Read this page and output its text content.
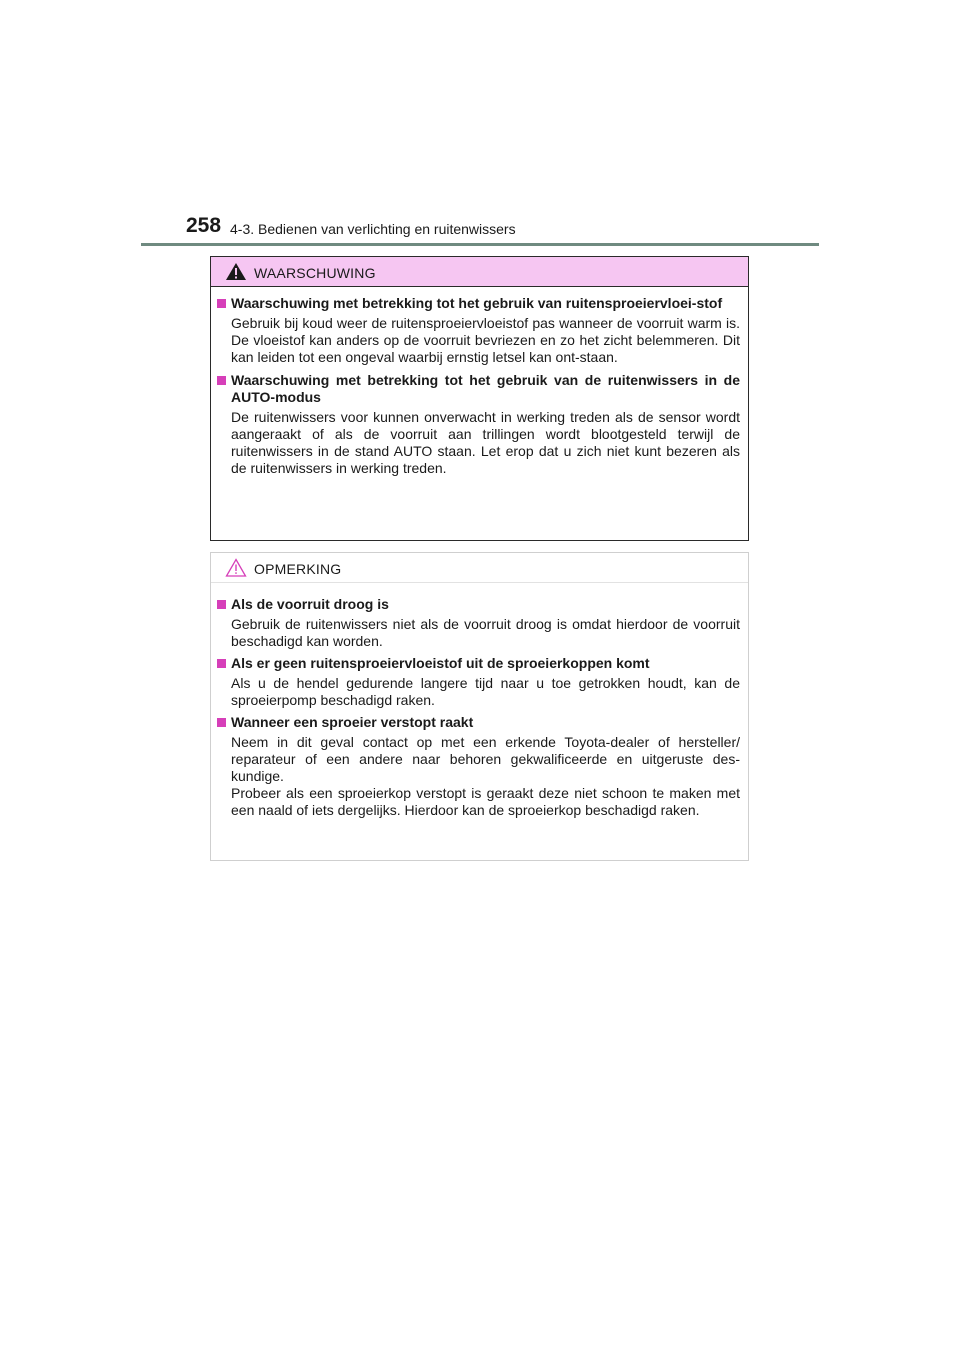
258 4-3. Bedienen van verlichting en ruitenwissers
WAARSCHUWING
Waarschuwing met betrekking tot het gebruik van ruitensproeiervloei-stof
Gebruik bij koud weer de ruitensproeiervloeistof pas wanneer de voorruit warm is. De vloeistof kan anders op de voorruit bevriezen en zo het zicht belemmeren. Dit kan leiden tot een ongeval waarbij ernstig letsel kan ont-staan.
Waarschuwing met betrekking tot het gebruik van de ruitenwissers in de AUTO-modus
De ruitenwissers voor kunnen onverwacht in werking treden als de sensor wordt aangeraakt of als de voorruit aan trillingen wordt blootgesteld terwijl de ruitenwissers in de stand AUTO staan. Let erop dat u zich niet kunt bezeren als de ruitenwissers in werking treden.
OPMERKING
Als de voorruit droog is
Gebruik de ruitenwissers niet als de voorruit droog is omdat hierdoor de voorruit beschadigd kan worden.
Als er geen ruitensproeiervloeistof uit de sproeierkoppen komt
Als u de hendel gedurende langere tijd naar u toe getrokken houdt, kan de sproeierpomp beschadigd raken.
Wanneer een sproeier verstopt raakt
Neem in dit geval contact op met een erkende Toyota-dealer of hersteller/ reparateur of een andere naar behoren gekwalificeerde en uitgeruste des-kundige.
Probeer als een sproeierkop verstopt is geraakt deze niet schoon te maken met een naald of iets dergelijks. Hierdoor kan de sproeierkop beschadigd raken.
